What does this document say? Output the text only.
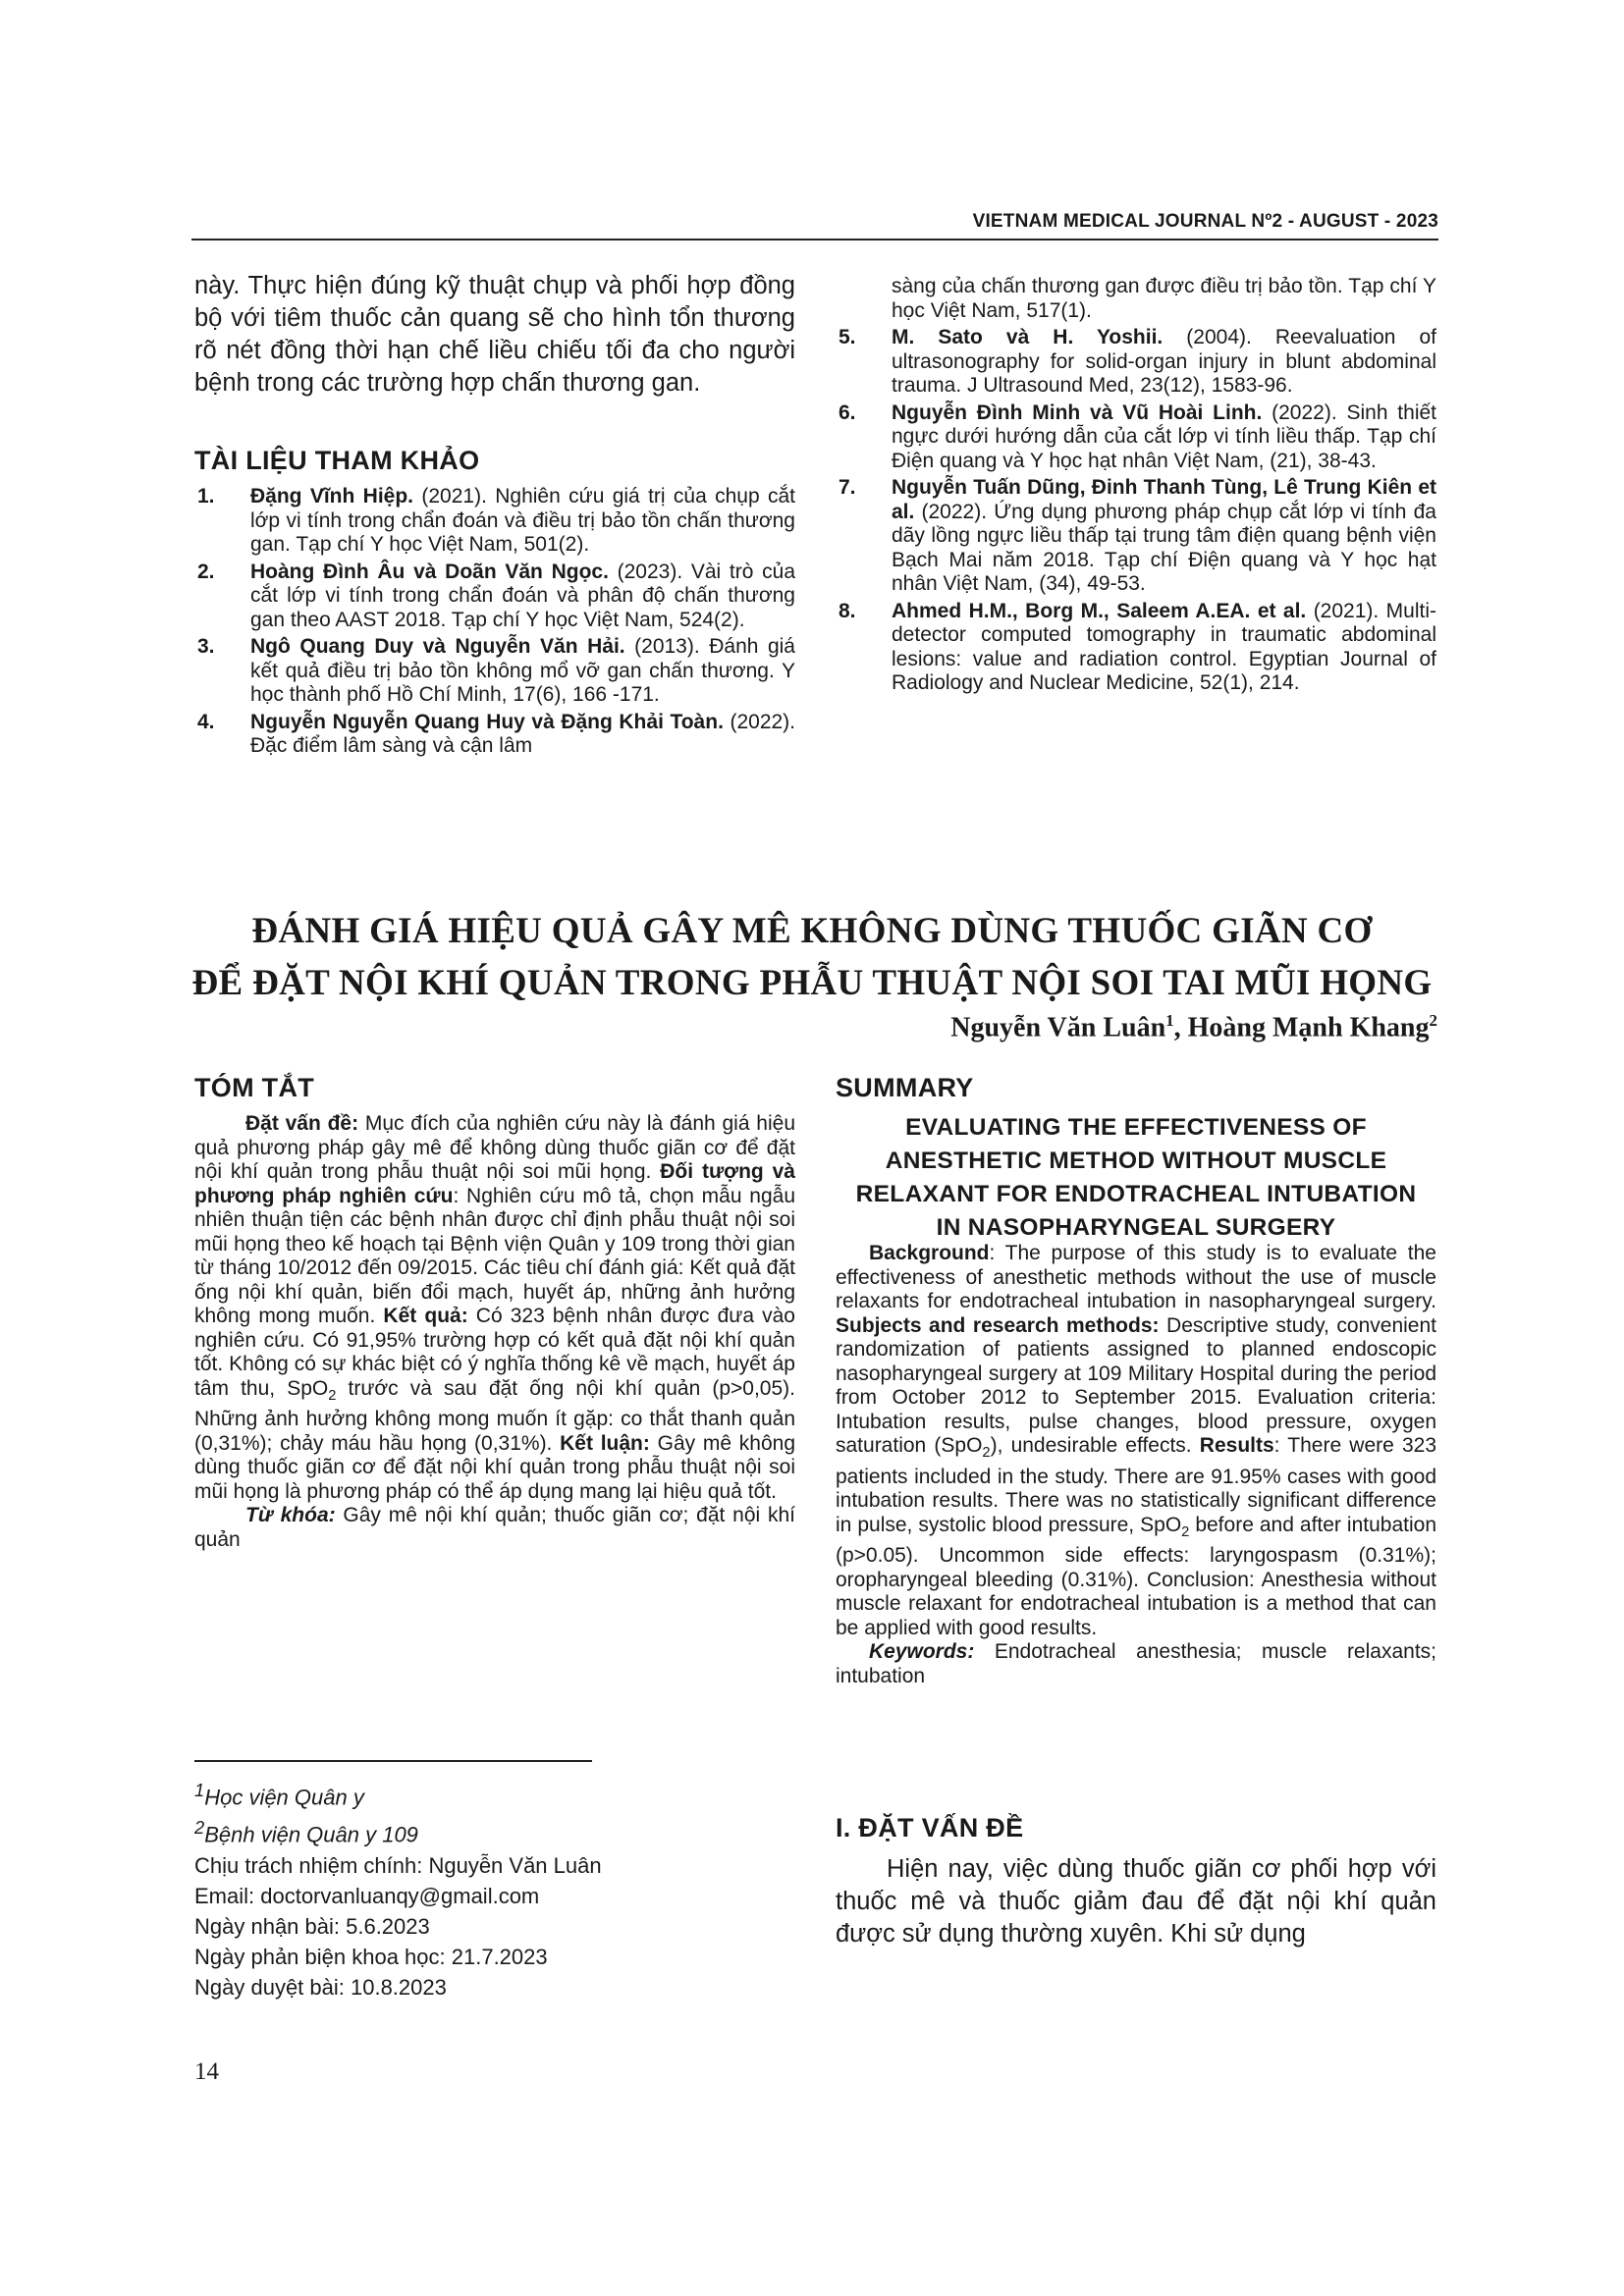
VIETNAM MEDICAL JOURNAL Nº2 - AUGUST - 2023
này. Thực hiện đúng kỹ thuật chụp và phối hợp đồng bộ với tiêm thuốc cản quang sẽ cho hình tổn thương rõ nét đồng thời hạn chế liều chiếu tối đa cho người bệnh trong các trường hợp chấn thương gan.
TÀI LIỆU THAM KHẢO
1. Đặng Vĩnh Hiệp. (2021). Nghiên cứu giá trị của chụp cắt lớp vi tính trong chẩn đoán và điều trị bảo tồn chấn thương gan. Tạp chí Y học Việt Nam, 501(2).
2. Hoàng Đình Âu và Doãn Văn Ngọc. (2023). Vài trò của cắt lớp vi tính trong chẩn đoán và phân độ chấn thương gan theo AAST 2018. Tạp chí Y học Việt Nam, 524(2).
3. Ngô Quang Duy và Nguyễn Văn Hải. (2013). Đánh giá kết quả điều trị bảo tồn không mổ vỡ gan chấn thương. Y học thành phố Hồ Chí Minh, 17(6), 166 -171.
4. Nguyễn Nguyễn Quang Huy và Đặng Khải Toàn. (2022). Đặc điểm lâm sàng và cận lâm
sàng của chấn thương gan được điều trị bảo tồn. Tạp chí Y học Việt Nam, 517(1).
5. M. Sato và H. Yoshii. (2004). Reevaluation of ultrasonography for solid-organ injury in blunt abdominal trauma. J Ultrasound Med, 23(12), 1583-96.
6. Nguyễn Đình Minh và Vũ Hoài Linh. (2022). Sinh thiết ngực dưới hướng dẫn của cắt lớp vi tính liều thấp. Tạp chí Điện quang và Y học hạt nhân Việt Nam, (21), 38-43.
7. Nguyễn Tuấn Dũng, Đinh Thanh Tùng, Lê Trung Kiên et al. (2022). Ứng dụng phương pháp chụp cắt lớp vi tính đa dãy lồng ngực liều thấp tại trung tâm điện quang bệnh viện Bạch Mai năm 2018. Tạp chí Điện quang và Y học hạt nhân Việt Nam, (34), 49-53.
8. Ahmed H.M., Borg M., Saleem A.EA. et al. (2021). Multi-detector computed tomography in traumatic abdominal lesions: value and radiation control. Egyptian Journal of Radiology and Nuclear Medicine, 52(1), 214.
ĐÁNH GIÁ HIỆU QUẢ GÂY MÊ KHÔNG DÙNG THUỐC GIÃN CƠ
ĐỂ ĐẶT NỘI KHÍ QUẢN TRONG PHẪU THUẬT NỘI SOI TAI MŨI HỌNG
Nguyễn Văn Luân$^1$, Hoàng Mạnh Khang$^2$
TÓM TẮT

Đặt vấn đề: Mục đích của nghiên cứu này là đánh giá hiệu quả phương pháp gây mê để không dùng thuốc giãn cơ để đặt nội khí quản trong phẫu thuật nội soi mũi họng. Đối tượng và phương pháp nghiên cứu: Nghiên cứu mô tả, chọn mẫu ngẫu nhiên thuận tiện các bệnh nhân được chỉ định phẫu thuật nội soi mũi họng theo kế hoạch tại Bệnh viện Quân y 109 trong thời gian từ tháng 10/2012 đến 09/2015. Các tiêu chí đánh giá: Kết quả đặt ống nội khí quản, biến đổi mạch, huyết áp, những ảnh hưởng không mong muốn. Kết quả: Có 323 bệnh nhân được đưa vào nghiên cứu. Có 91,95% trường hợp có kết quả đặt nội khí quản tốt. Không có sự khác biệt có ý nghĩa thống kê về mạch, huyết áp tâm thu, SpO$_2$ trước và sau đặt ống nội khí quản (p>0,05). Những ảnh hưởng không mong muốn ít gặp: co thắt thanh quản (0,31%); chảy máu hầu họng (0,31%). Kết luận: Gây mê không dùng thuốc giãn cơ để đặt nội khí quản trong phẫu thuật nội soi mũi họng là phương pháp có thể áp dụng mang lại hiệu quả tốt.

Từ khóa: Gây mê nội khí quản; thuốc giãn cơ; đặt nội khí quản

SUMMARY
EVALUATING THE EFFECTIVENESS OF
ANESTHETIC METHOD WITHOUT MUSCLE
RELAXANT FOR ENDOTRACHEAL INTUBATION
IN NASOPHARYNGEAL SURGERY

Background: The purpose of this study is to evaluate the effectiveness of anesthetic methods without the use of muscle relaxants for endotracheal intubation in nasopharyngeal surgery. Subjects and research methods: Descriptive study, convenient randomization of patients assigned to planned endoscopic nasopharyngeal surgery at 109 Military Hospital during the period from October 2012 to September 2015. Evaluation criteria: Intubation results, pulse changes, blood pressure, oxygen saturation (SpO$_2$), undesirable effects. Results: There were 323 patients included in the study. There are 91.95% cases with good intubation results. There was no statistically significant difference in pulse, systolic blood pressure, SpO$_2$ before and after intubation (p>0.05). Uncommon side effects: laryngospasm (0.31%); oropharyngeal bleeding (0.31%). Conclusion: Anesthesia without muscle relaxant for endotracheal intubation is a method that can be applied with good results.

Keywords: Endotracheal anesthesia; muscle relaxants; intubation

$^1$Học viện Quân y
$^2$Bệnh viện Quân y 109
Chịu trách nhiệm chính: Nguyễn Văn Luân
Email: doctorvanluanqy@gmail.com
Ngày nhận bài: 5.6.2023
Ngày phản biện khoa học: 21.7.2023
Ngày duyệt bài: 10.8.2023
I. ĐẶT VẤN ĐỀ

Hiện nay, việc dùng thuốc giãn cơ phối hợp với thuốc mê và thuốc giảm đau để đặt nội khí quản được sử dụng thường xuyên. Khi sử dụng

14
